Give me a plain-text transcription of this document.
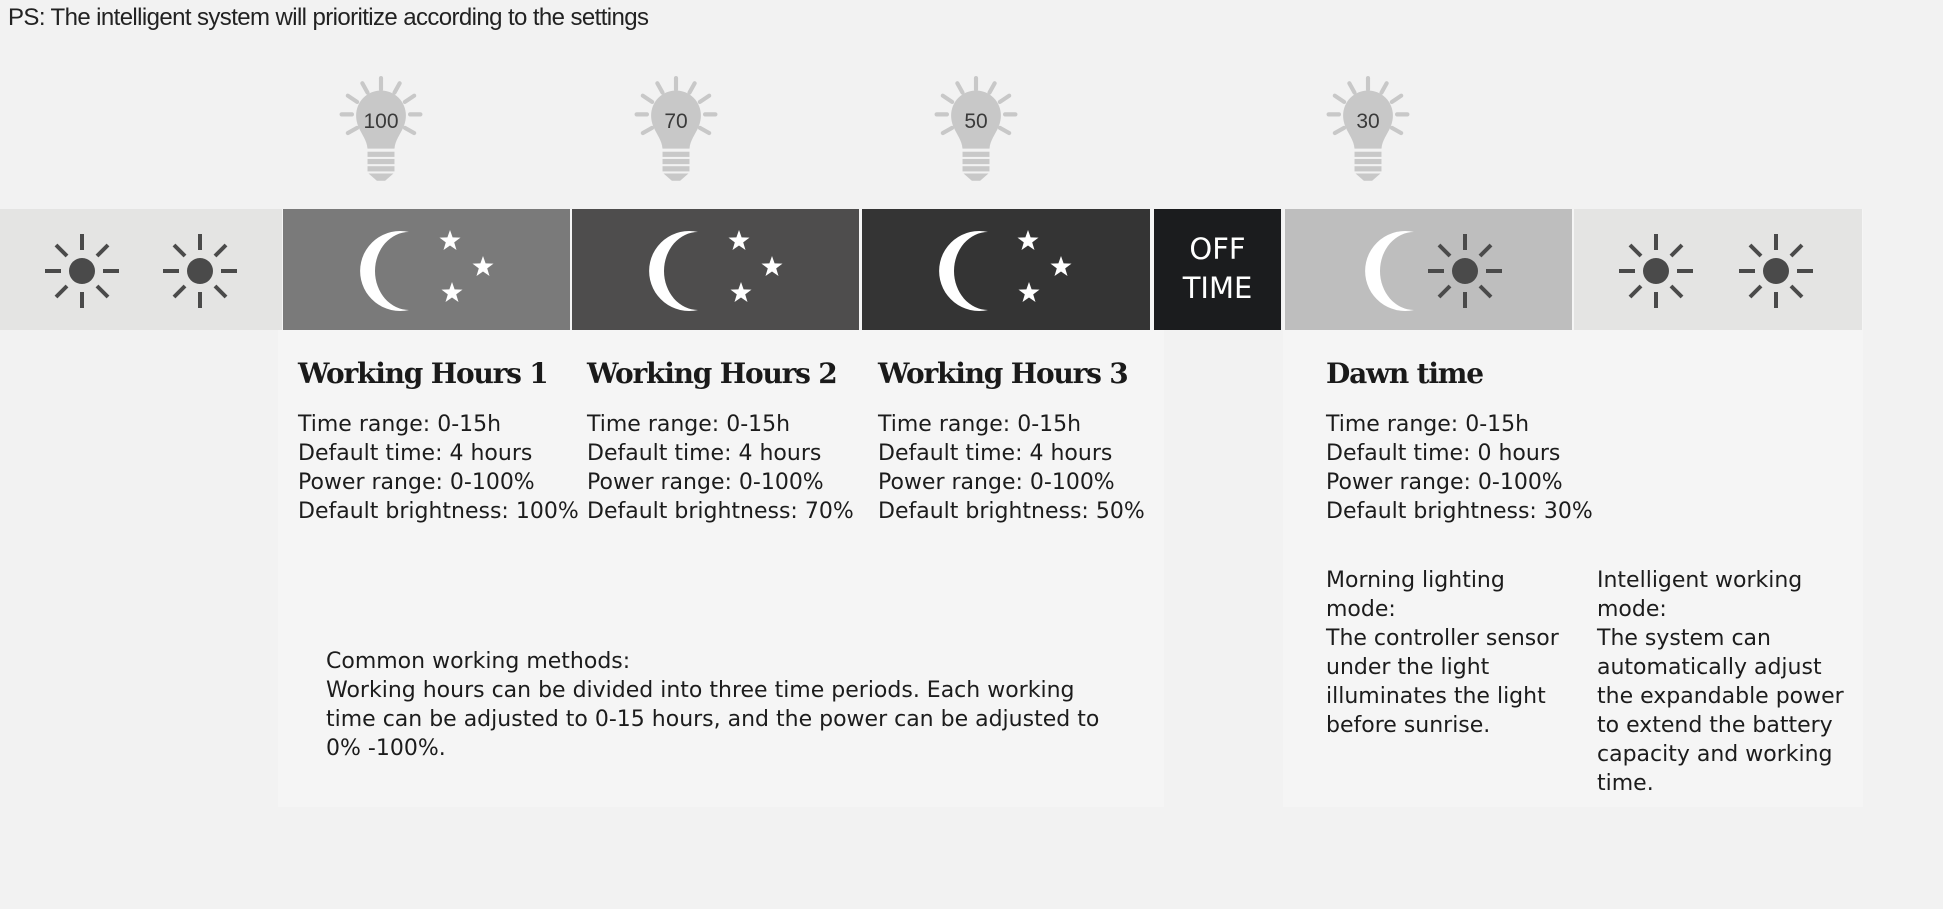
PS: The intelligent system will prioritize according to the settings
100	70	50	30
OFF
TIME
Working Hours 1
Time range: 0-15h
Default time: 4 hours
Power range: 0-100%
Default brightness: 100%
Working Hours 2
Time range: 0-15h
Default time: 4 hours
Power range: 0-100%
Default brightness: 70%
Working Hours 3
Time range: 0-15h
Default time: 4 hours
Power range: 0-100%
Default brightness: 50%
Dawn time
Time range: 0-15h
Default time: 0 hours
Power range: 0-100%
Default brightness: 30%
Common working methods:
Working hours can be divided into three time periods. Each working time can be adjusted to 0-15 hours, and the power can be adjusted to 0% -100%.
Morning lighting mode:
The controller sensor under the light illuminates the light before sunrise.
Intelligent working mode:
The system can automatically adjust the expandable power to extend the battery capacity and working time.
